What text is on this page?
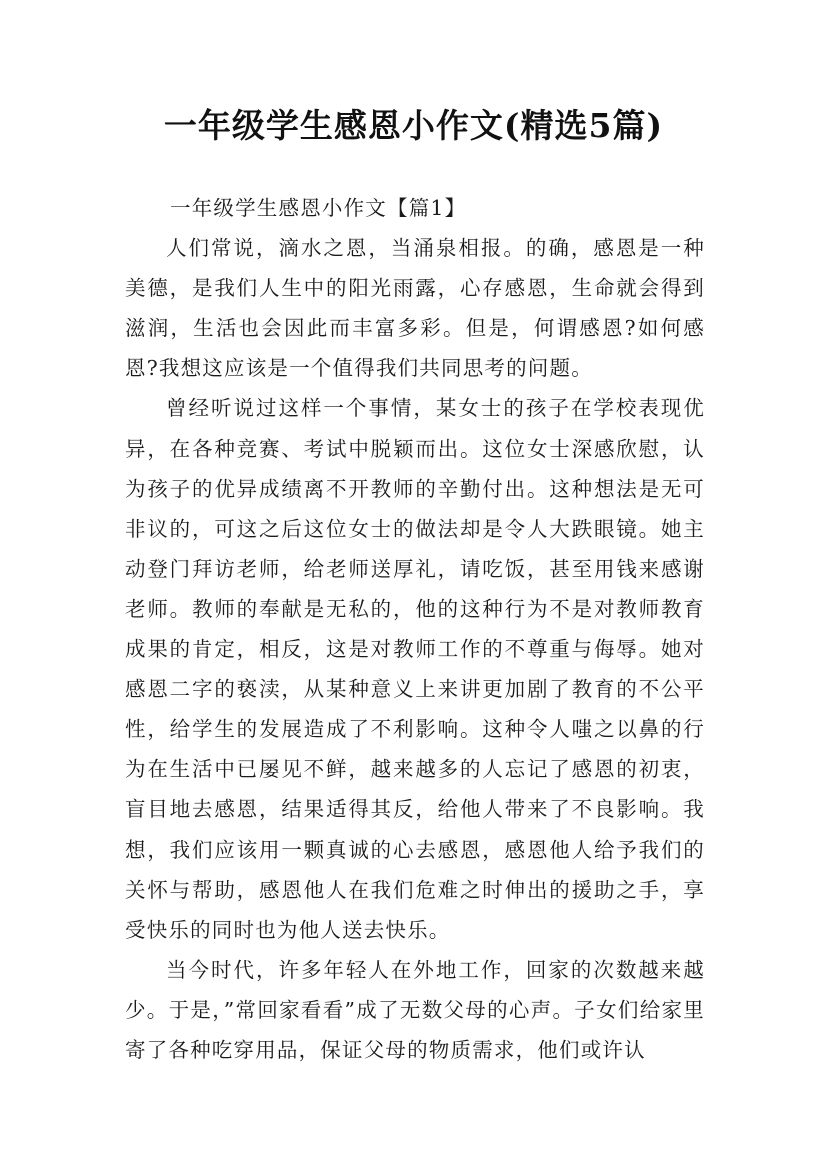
一年级学生感恩小作文(精选5篇)
一年级学生感恩小作文【篇1】

人们常说，滴水之恩，当涌泉相报。的确，感恩是一种美德，是我们人生中的阳光雨露，心存感恩，生命就会得到滋润，生活也会因此而丰富多彩。但是，何谓感恩?如何感恩?我想这应该是一个值得我们共同思考的问题。

曾经听说过这样一个事情，某女士的孩子在学校表现优异，在各种竞赛、考试中脱颖而出。这位女士深感欣慰，认为孩子的优异成绩离不开教师的辛勤付出。这种想法是无可非议的，可这之后这位女士的做法却是令人大跌眼镜。她主动登门拜访老师，给老师送厚礼，请吃饭，甚至用钱来感谢老师。教师的奉献是无私的，他的这种行为不是对教师教育成果的肯定，相反，这是对教师工作的不尊重与侮辱。她对感恩二字的亵渎，从某种意义上来讲更加剧了教育的不公平性，给学生的发展造成了不利影响。这种令人嗤之以鼻的行为在生活中已屡见不鲜，越来越多的人忘记了感恩的初衷，盲目地去感恩，结果适得其反，给他人带来了不良影响。我想，我们应该用一颗真诚的心去感恩，感恩他人给予我们的关怀与帮助，感恩他人在我们危难之时伸出的援助之手，享受快乐的同时也为他人送去快乐。

当今时代，许多年轻人在外地工作，回家的次数越来越少。于是，”常回家看看”成了无数父母的心声。子女们给家里寄了各种吃穿用品，保证父母的物质需求，他们或许认
